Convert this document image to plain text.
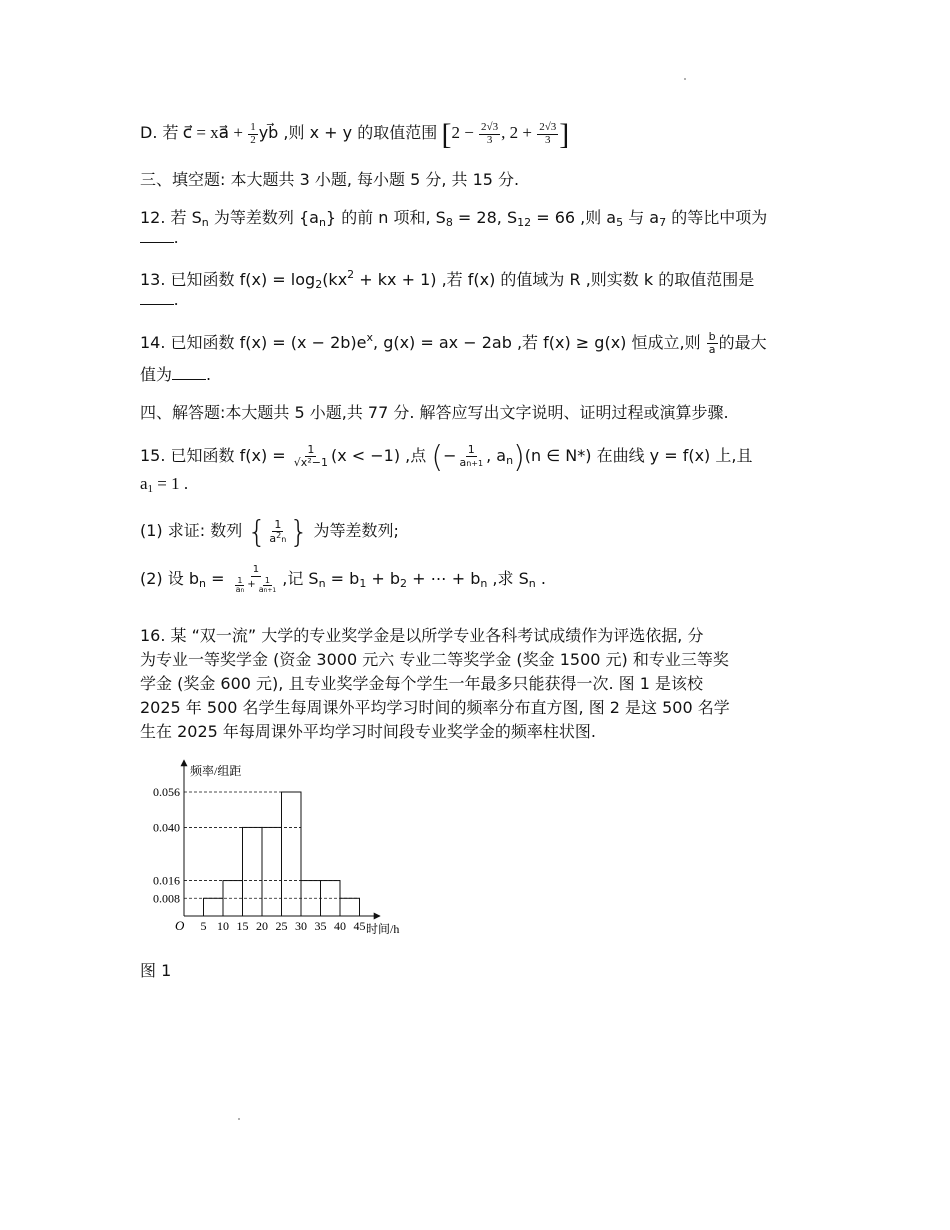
D. 若 c⃗ = xa⃗ + $\frac{1}{2}$ yb⃗ ,则 x + y 的取值范围 [$2 - \frac{2√3}{3}$ , $2 + \frac{2√3}{3}$ ]
三、填空题: 本大题共 3 小题, 每小题 5 分, 共 15 分.
12. 若 $S_n$ 为等差数列 $\{a_n\}$ 的前 n 项和, $S_8 = 28$, $S_{12} = 66$ ,则 $a_5$ 与 $a_7$ 的等比中项为
.
13. 已知函数 $f(x) = \log_2(kx^2$ + kx + 1) ,若 f(x) 的值域为 R ,则实数 k 的取值范围是
.
14. 已知函数 $f(x) = (x - 2b)e^x$, g(x) = ax − 2ab ,若 f(x) ≥ g(x) 恒成立,则 $\frac{b}{a}$ 的最大
值为 .
四、解答题:本大题共 5 小题,共 77 分. 解答应写出文字说明、证明过程或演算步骤.
15. 已知函数 $f(x) = \frac{1}{\text{√x²−1}} (x < -1)$ ,点 (− $\frac{1}{an+1}$ , $a_n)(n$ ∈ N*) 在曲线 y = f(x) 上,且
$a_1 = 1$ .
(1) 求证: 数列 { $\frac{1}{a^2n}$ } 为等差数列;
(2) 设 $b_n = \frac{1}{\frac{1}{an} + \frac{1}{an+1}}$ ,记 $S_n = b_1 + b_2$ + ⋯ + $b_n$ ,求 $S_n$ .
16. 某 “双一流” 大学的专业奖学金是以所学专业各科考试成绩作为评选依据, 分
为专业一等奖学金 (资金 3000 元六 专业二等奖学金 (奖金 1500 元) 和专业三等奖
学金 (奖金 600 元), 且专业奖学金每个学生一年最多只能获得一次. 图 1 是该校
2025 年 500 名学生每周课外平均学习时间的频率分布直方图, 图 2 是这 500 名学
生在 2025 年每周课外平均学习时间段专业奖学金的频率柱状图.
频率/组距
时间/h
O
0.008
0.016
0.040
0.056
5 10 15 20 25 30 35 40 45
图 1
